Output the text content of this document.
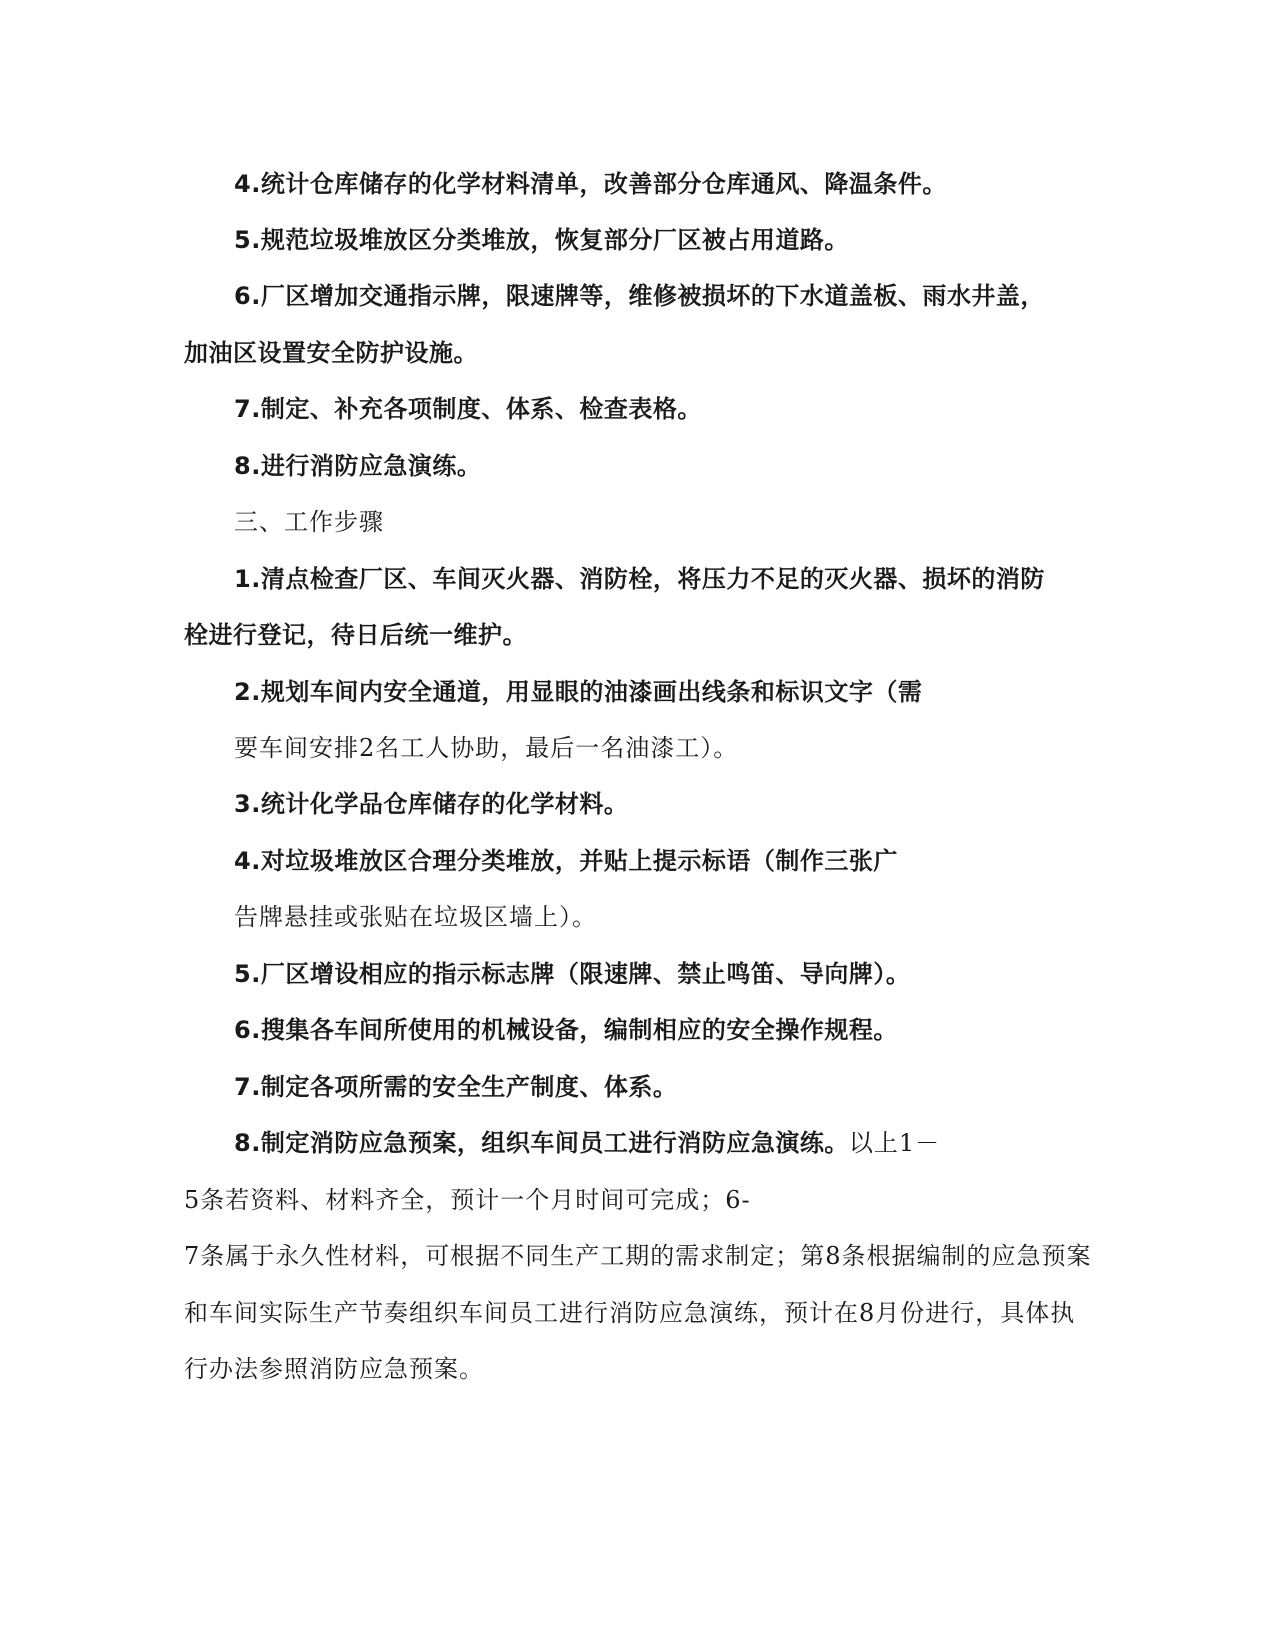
4.统计仓库储存的化学材料清单，改善部分仓库通风、降温条件。
5.规范垃圾堆放区分类堆放，恢复部分厂区被占用道路。
6.厂区增加交通指示牌，限速牌等，维修被损坏的下水道盖板、雨水井盖，
加油区设置安全防护设施。
7.制定、补充各项制度、体系、检查表格。
8.进行消防应急演练。
三、工作步骤
1.清点检查厂区、车间灭火器、消防栓，将压力不足的灭火器、损坏的消防
栓进行登记，待日后统一维护。
2.规划车间内安全通道，用显眼的油漆画出线条和标识文字（需
要车间安排2名工人协助，最后一名油漆工）。
3.统计化学品仓库储存的化学材料。
4.对垃圾堆放区合理分类堆放，并贴上提示标语（制作三张广
告牌悬挂或张贴在垃圾区墙上）。
5.厂区增设相应的指示标志牌（限速牌、禁止鸣笛、导向牌）。
6.搜集各车间所使用的机械设备，编制相应的安全操作规程。
7.制定各项所需的安全生产制度、体系。
8.制定消防应急预案，组织车间员工进行消防应急演练。以上1－
5条若资料、材料齐全，预计一个月时间可完成；6-
7条属于永久性材料，可根据不同生产工期的需求制定；第8条根据编制的应急预案
和车间实际生产节奏组织车间员工进行消防应急演练，预计在8月份进行，具体执
行办法参照消防应急预案。
